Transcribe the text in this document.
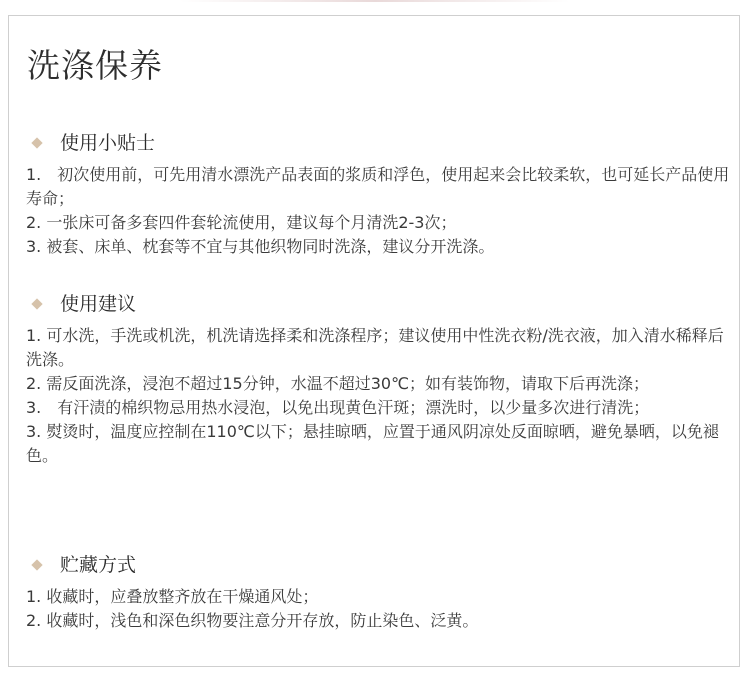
洗涤保养
使用小贴士
1.　初次使用前，可先用清水漂洗产品表面的浆质和浮色，使用起来会比较柔软，也可延长产品使用寿命；
2. 一张床可备多套四件套轮流使用，建议每个月清洗2-3次；
3. 被套、床单、枕套等不宜与其他织物同时洗涤，建议分开洗涤。
使用建议
1. 可水洗，手洗或机洗，机洗请选择柔和洗涤程序；建议使用中性洗衣粉/洗衣液，加入清水稀释后洗涤。
2. 需反面洗涤，浸泡不超过15分钟，水温不超过30℃；如有装饰物，请取下后再洗涤；
3.　有汗渍的棉织物忌用热水浸泡，以免出现黄色汗斑；漂洗时，以少量多次进行清洗；
3. 熨烫时，温度应控制在110℃以下；悬挂晾晒，应置于通风阴凉处反面晾晒，避免暴晒，以免褪色。
贮藏方式
1. 收藏时，应叠放整齐放在干燥通风处；
2. 收藏时，浅色和深色织物要注意分开存放，防止染色、泛黄。
